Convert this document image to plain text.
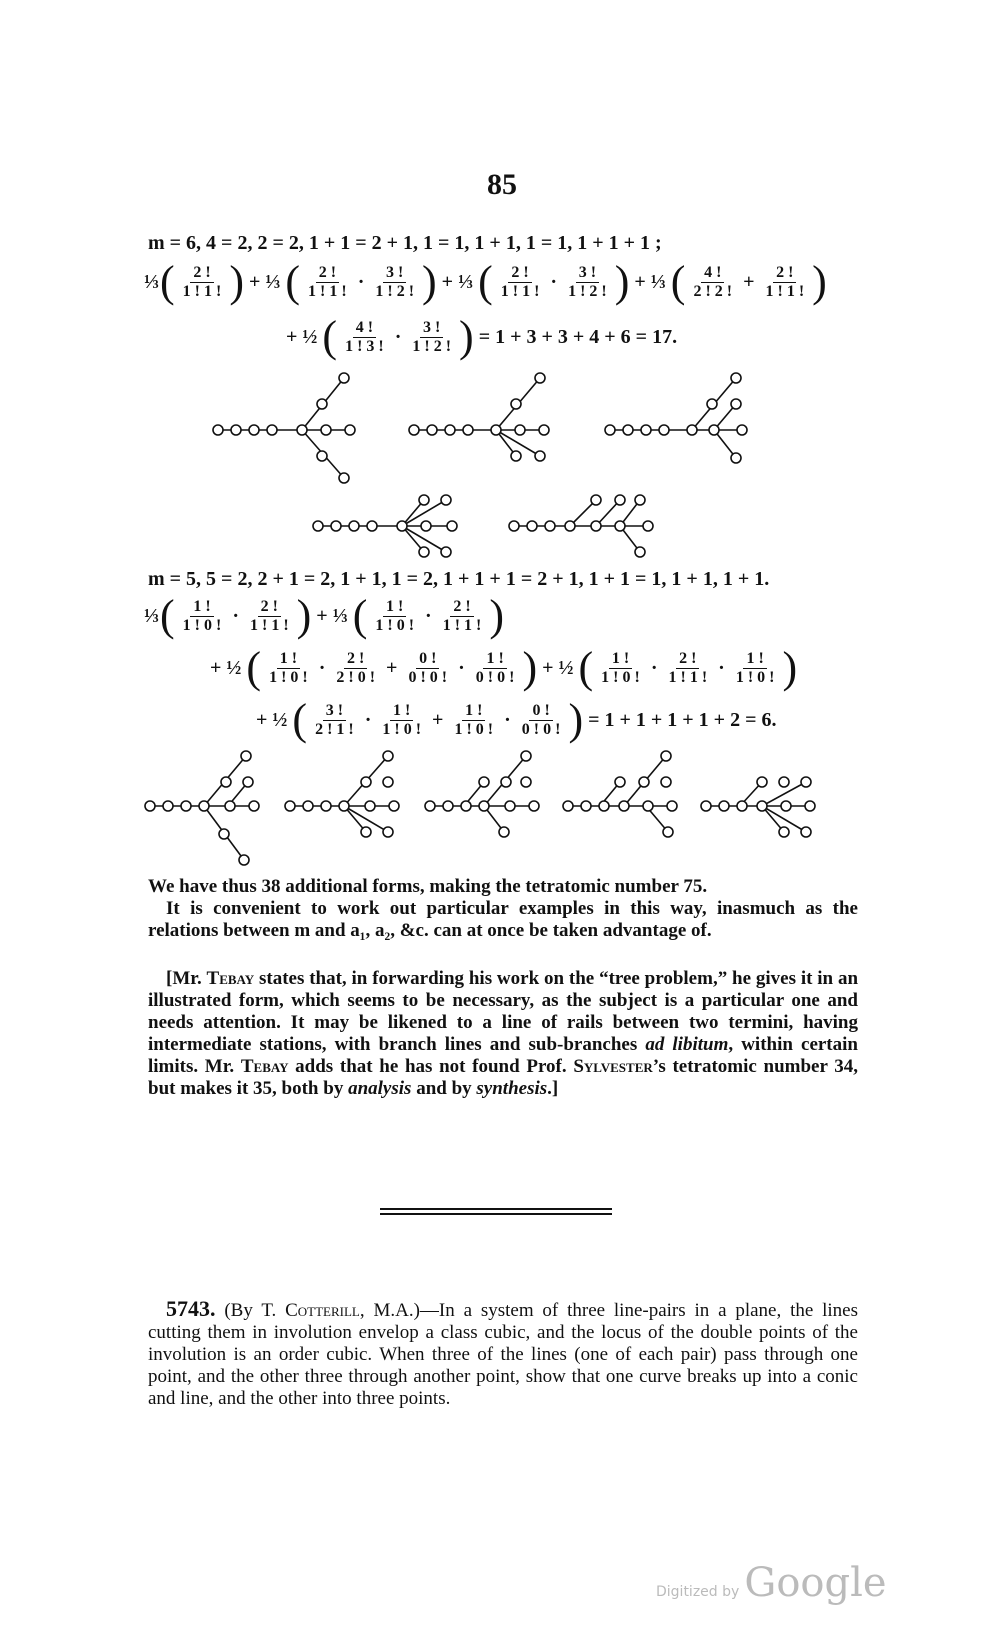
85
m = 6, 4 = 2, 2 = 2, 1 + 1 = 2 + 1, 1 = 1, 1 + 1, 1 = 1, 1 + 1 + 1 ;
⅓ ( $\frac{2 !}{1 ! 1 !}$ ) + ⅓ ( $\frac{2 !}{1 ! 1 !} \cdot \frac{3 !}{1 ! 2 !}$ ) + ⅓ ( $\frac{2 !}{1 ! 1 !} \cdot \frac{3 !}{1 ! 2 !}$ ) + ⅓ ( $\frac{4 !}{2 ! 2 !} + \frac{2 !}{1 ! 1 !}$ )
+ ½ ( $\frac{4 !}{1 ! 3 !} \cdot \frac{3 !}{1 ! 2 !}$ ) = 1 + 3 + 3 + 4 + 6 = 17.
m = 5, 5 = 2, 2 + 1 = 2, 1 + 1, 1 = 2, 1 + 1 + 1 = 2 + 1, 1 + 1 = 1, 1 + 1, 1 + 1.
⅓ ( $\frac{1 !}{1 ! 0 !} \cdot \frac{2 !}{1 ! 1 !}$ ) + ⅓ ( $\frac{1 !}{1 ! 0 !} \cdot \frac{2 !}{1 ! 1 !}$ )
+ ½ ( $\frac{1 !}{1 ! 0 !} \cdot \frac{2 !}{2 ! 0 !} + \frac{0 !}{0 ! 0 !} \cdot \frac{1 !}{0 ! 0 !}$ ) + ½ ( $\frac{1 !}{1 ! 0 !} \cdot \frac{2 !}{1 ! 1 !} \cdot \frac{1 !}{1 ! 0 !}$ )
+ ½ ( $\frac{3 !}{2 ! 1 !} \cdot \frac{1 !}{1 ! 0 !} + \frac{1 !}{1 ! 0 !} \cdot \frac{0 !}{0 ! 0 !}$ ) = 1 + 1 + 1 + 1 + 2 = 6.
We have thus 38 additional forms, making the tetratomic number 75.
It is convenient to work out particular examples in this way, inasmuch as the relations between m and a₁, a₂, &c. can at once be taken advantage of.
[Mr. Tebay states that, in forwarding his work on the “tree problem,” he gives it in an illustrated form, which seems to be necessary, as the subject is a particular one and needs attention. It may be likened to a line of rails between two termini, having intermediate stations, with branch lines and sub-branches ad libitum, within certain limits. Mr. Tebay adds that he has not found Prof. Sylvester’s tetratomic number 34, but makes it 35, both by analysis and by synthesis.]
5743. (By T. Cotterill, M.A.)—In a system of three line-pairs in a plane, the lines cutting them in involution envelop a class cubic, and the locus of the double points of the involution is an order cubic. When three of the lines (one of each pair) pass through one point, and the other three through another point, show that one curve breaks up into a conic and line, and the other into three points.
Digitized by Google
